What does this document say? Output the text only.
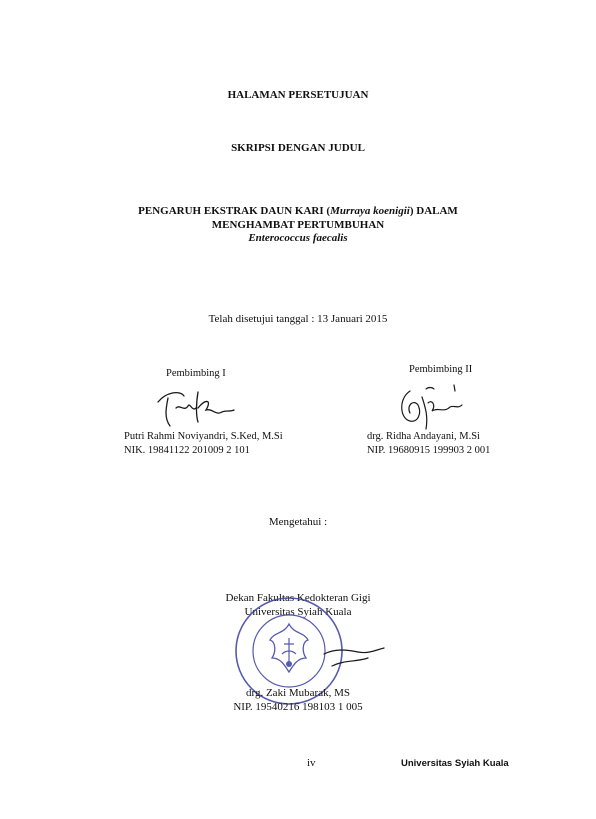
HALAMAN PERSETUJUAN
SKRIPSI DENGAN JUDUL
PENGARUH EKSTRAK DAUN KARI (Murraya koenigii) DALAM
MENGHAMBAT PERTUMBUHAN
Enterococcus faecalis
Telah disetujui tanggal : 13 Januari 2015
Pembimbing I
Putri Rahmi Noviyandri, S.Ked, M.Si
NIK. 19841122 201009 2 101
Pembimbing II
drg. Ridha Andayani, M.Si
NIP. 19680915 199903 2 001
Mengetahui :
Dekan Fakultas Kedokteran Gigi
Universitas Syiah Kuala
drg. Zaki Mubarak, MS
NIP. 19540216 198103 1 005
iv	Universitas Syiah Kuala
